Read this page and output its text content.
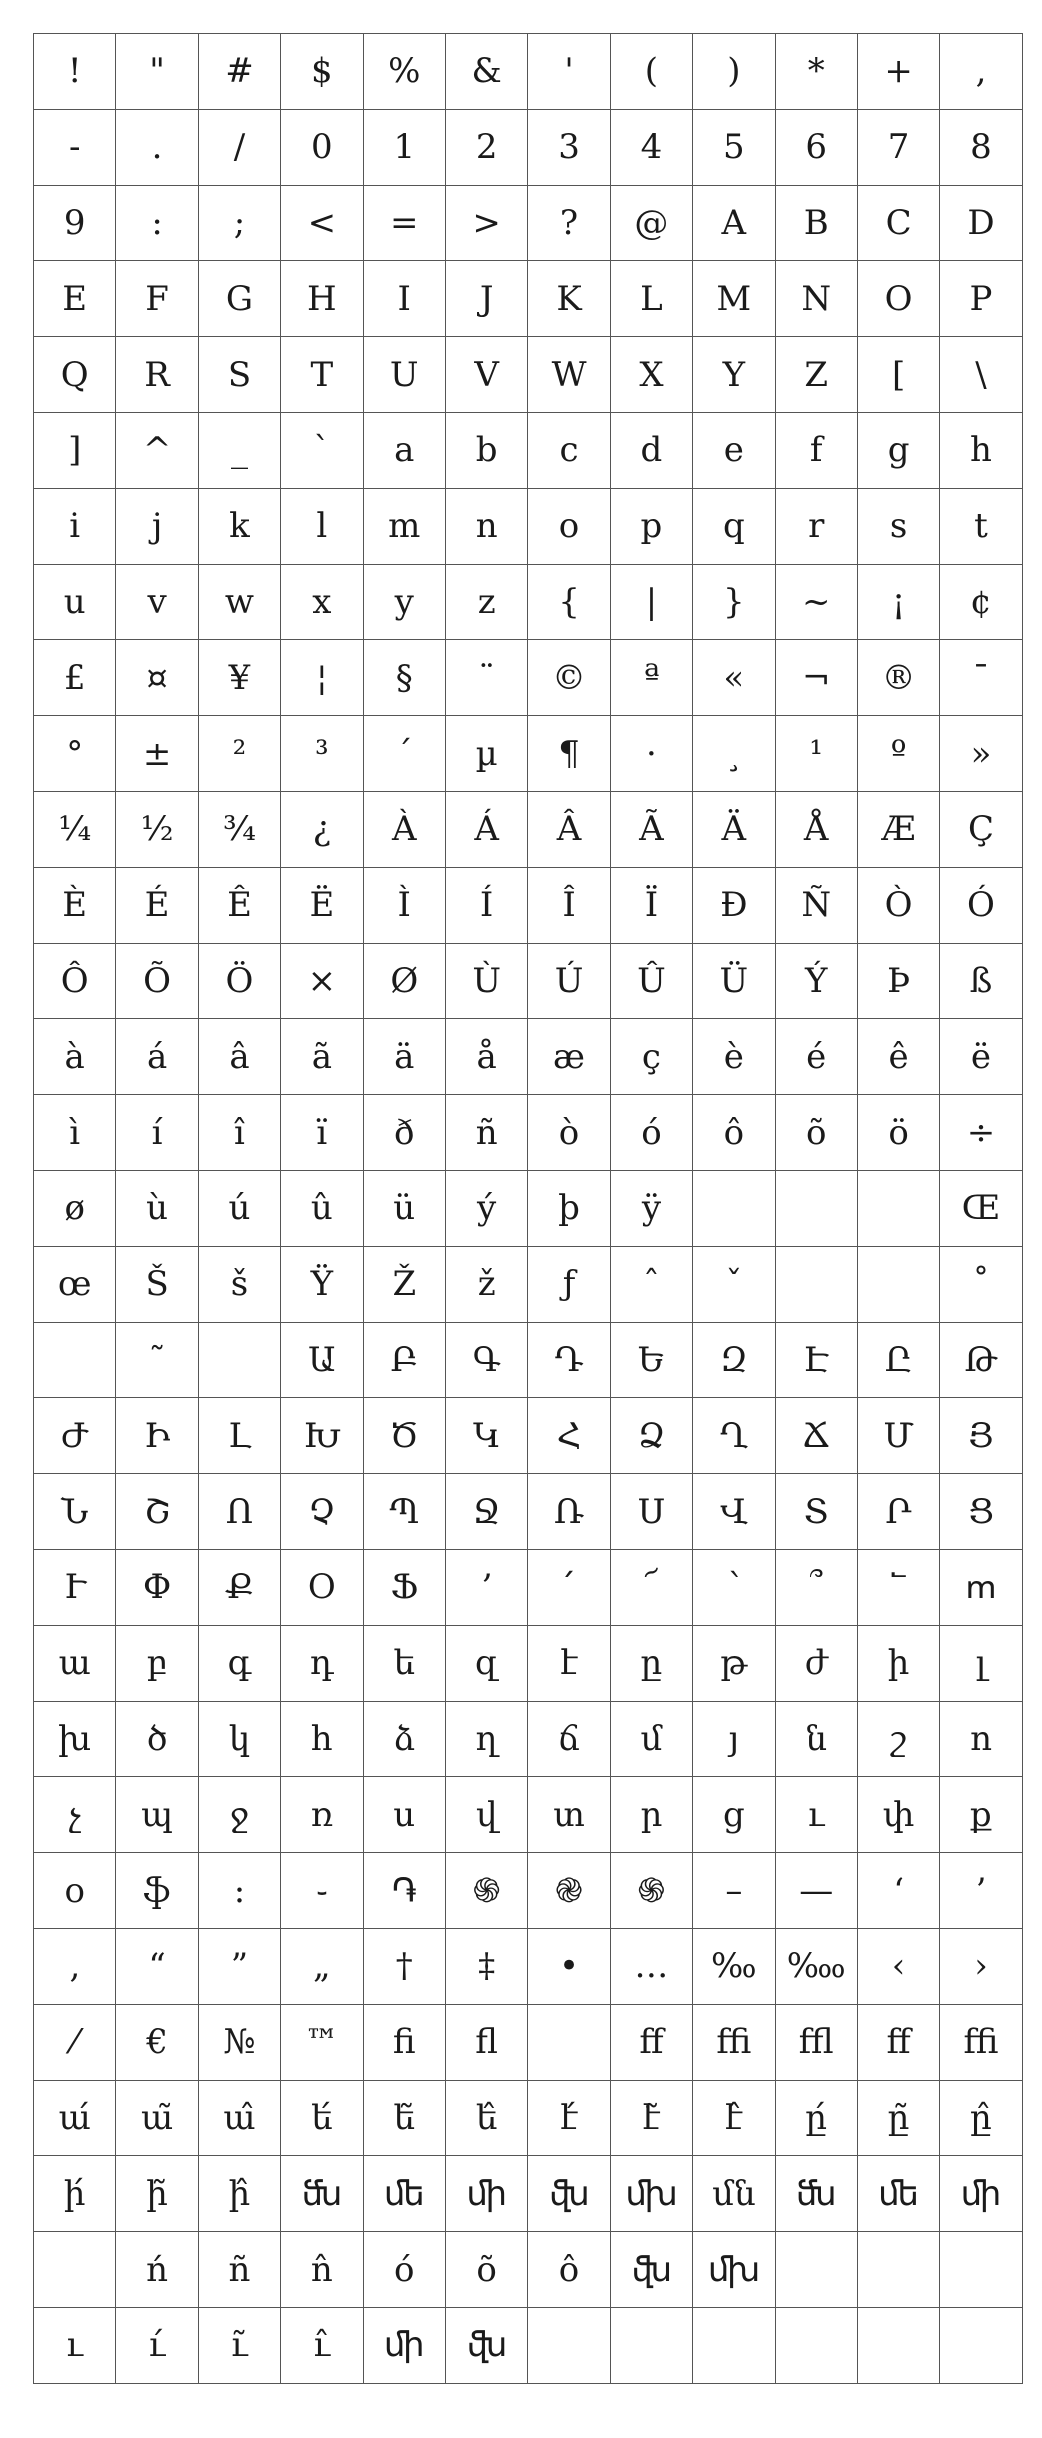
!	"	#	$	%	&	'	(	)	*	+	,
-	.	/	0	1	2	3	4	5	6	7	8
9	:	;	<	=	>	?	@	A	B	C	D
E	F	G	H	I	J	K	L	M	N	O	P
Q	R	S	T	U	V	W	X	Y	Z	[	\
]	^	_	`	a	b	c	d	e	f	g	h
i	j	k	l	m	n	o	p	q	r	s	t
u	v	w	x	y	z	{	|	}	~	¡	¢
£	¤	¥	¦	§	¨	©	ª	«	¬	®	¯
°	±	²	³	´	µ	¶	·	¸	¹	º	»
¼	½	¾	¿	À	Á	Â	Ã	Ä	Å	Æ	Ç
È	É	Ê	Ë	Ì	Í	Î	Ï	Ð	Ñ	Ò	Ó
Ô	Õ	Ö	×	Ø	Ù	Ú	Û	Ü	Ý	Þ	ß
à	á	â	ã	ä	å	æ	ç	è	é	ê	ë
ì	í	î	ï	ð	ñ	ò	ó	ô	õ	ö	÷
ø	ù	ú	û	ü	ý	þ	ÿ				Œ
œ	Š	š	Ÿ	Ž	ž	ƒ	ˆ	ˇ			˚
	˜		Ա	Բ	Գ	Դ	Ե	Զ	Է	Ը	Թ
Ժ	Ի	Լ	Խ	Ծ	Կ	Հ	Ձ	Ղ	Ճ	Մ	Յ
Ն	Շ	Ո	Չ	Պ	Ջ	Ռ	Ս	Վ	Տ	Ր	Ց
Ւ	Փ	Ք	Օ	Ֆ	՚	՛	՜	՝	՞	՟	ՠ
ա	բ	գ	դ	ե	զ	է	ը	թ	ժ	ի	լ
խ	ծ	կ	հ	ձ	ղ	ճ	մ	յ	ն	շ	ո
չ	պ	ջ	ռ	ս	վ	տ	ր	ց	ւ	փ	ք
օ	ֆ	։	֊	֏	֍	֎	֍	–	—	‘	’
‚	“	”	„	†	‡	•	…	‰	‱	‹	›
⁄	€	№	™	ﬁ	ﬂ		ﬀ	ﬃ	ﬄ	ﬀ	ﬃ
ա́	ա̃	ա̂	ե́	ե̃	ե̂	է́	է̃	է̂	ը́	ը̃	ը̂
ի́	ի̃	ի̂	ﬓ	ﬔ	ﬕ	ﬖ	ﬗ	մն	ﬓ	ﬔ	ﬕ
	ń	ñ	n̂	ó	õ	ô	ﬖ	ﬗ			
ւ	ւ́	ւ̃	ւ̂	ﬕ	ﬖ						
